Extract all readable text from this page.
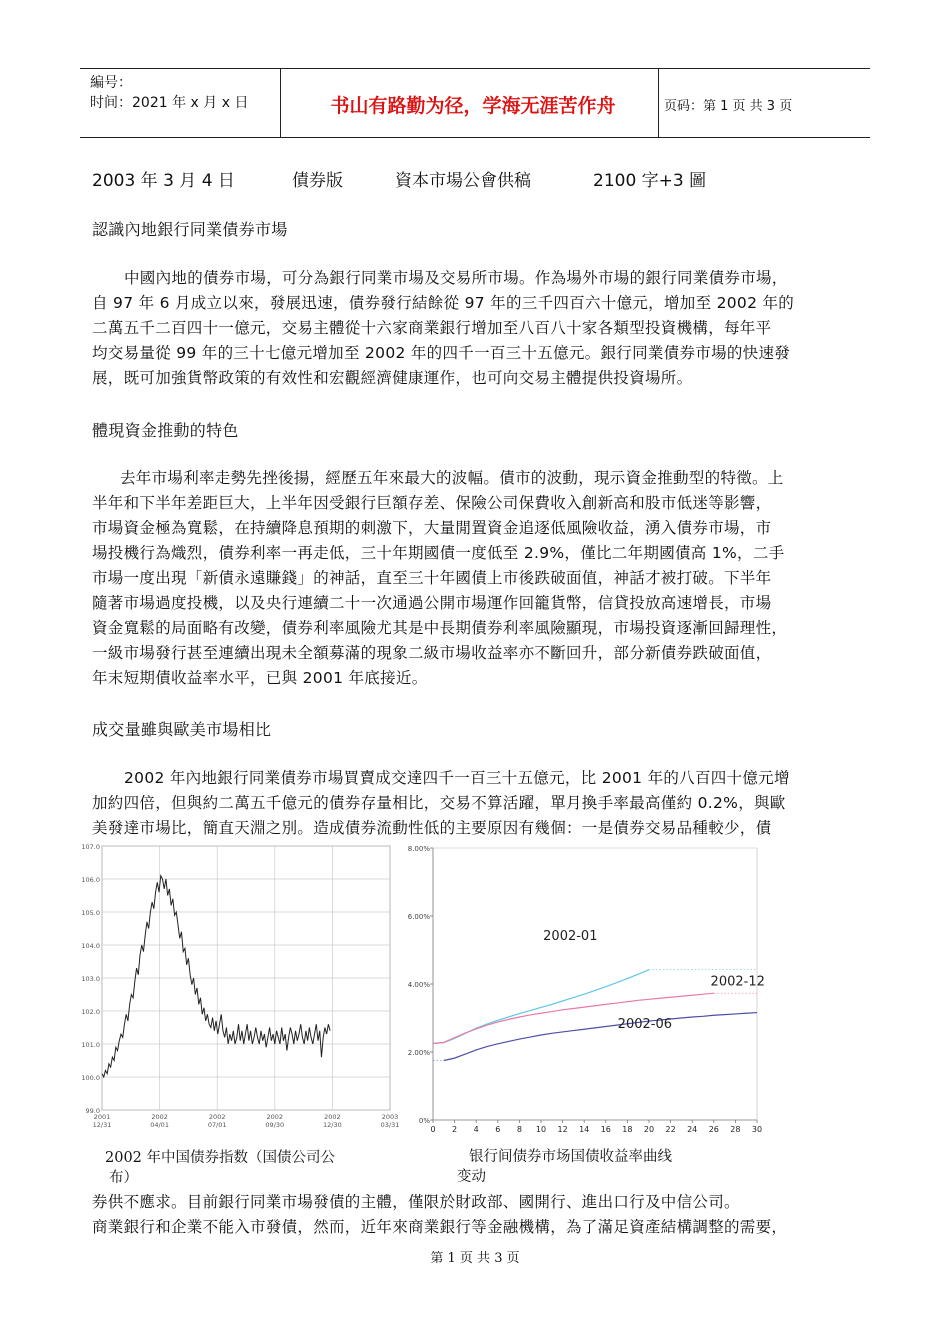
編号：
时间：2021 年 x 月 x 日	书山有路勤为径，学海无涯苦作舟	页码：第 1 页 共 3 页
2003 年 3 月 4 日	債券版	資本市場公會供稿	2100 字+3 圖
認識內地銀行同業債券市場
中國內地的債券市場，可分為銀行同業市場及交易所市場。作為場外市場的銀行同業債券市場，
自 97 年 6 月成立以來，發展迅速，債券發行結餘從 97 年的三千四百六十億元，增加至 2002 年的
二萬五千二百四十一億元，交易主體從十六家商業銀行增加至八百八十家各類型投資機構，每年平
均交易量從 99 年的三十七億元增加至 2002 年的四千一百三十五億元。銀行同業債券市場的快速發
展，既可加強貨幣政策的有效性和宏觀經濟健康運作，也可向交易主體提供投資場所。
體現資金推動的特色
去年市場利率走勢先挫後揚，經歷五年來最大的波幅。債市的波動，現示資金推動型的特徵。上
半年和下半年差距巨大，上半年因受銀行巨額存差、保險公司保費收入創新高和股市低迷等影響，
市場資金極為寬鬆，在持續降息預期的刺激下，大量閒置資金追逐低風險收益，湧入債券市場，市
場投機行為熾烈，債券利率一再走低，三十年期國債一度低至 2.9%，僅比二年期國債高 1%，二手
市場一度出現「新債永遠賺錢」的神話，直至三十年國債上市後跌破面值，神話才被打破。下半年
隨著市場過度投機，以及央行連續二十一次通過公開市場運作回籠貨幣，信貸投放高速增長，市場
資金寬鬆的局面略有改變，債券利率風險尤其是中長期債券利率風險顯現，市場投資逐漸回歸理性，
一級市場發行甚至連續出現未全額募滿的現象二級市場收益率亦不斷回升，部分新債券跌破面值，
年末短期債收益率水平，已與 2001 年底接近。
成交量雖與歐美市場相比
2002 年內地銀行同業債券市場買賣成交達四千一百三十五億元，比 2001 年的八百四十億元增
加約四倍，但與約二萬五千億元的債券存量相比，交易不算活躍，單月換手率最高僅約 0.2%，與歐
美發達市場比，簡直天淵之別。造成債券流動性低的主要原因有幾個：一是債券交易品種較少，債
107.0
106.0
105.0
104.0
103.0
102.0
101.0
100.0
99.0
2001
12/31
2002
04/01
2002
07/01
2002
09/30
2002
12/30
2003
03/31	0%
2.00%
4.00%
6.00%
8.00%
0 2 4 6 8 10 12 14 16 18 20 22 24 26 28 30
2002-01
2002-12
2002-06
2002 年中国债券指数（国债公司公
布）
银行间债券市场国债收益率曲线
变动
券供不應求。目前銀行同業市場發債的主體，僅限於財政部、國開行、進出口行及中信公司。
商業銀行和企業不能入市發債，然而，近年來商業銀行等金融機構，為了滿足資產結構調整的需要，
第 1 页 共 3 页
